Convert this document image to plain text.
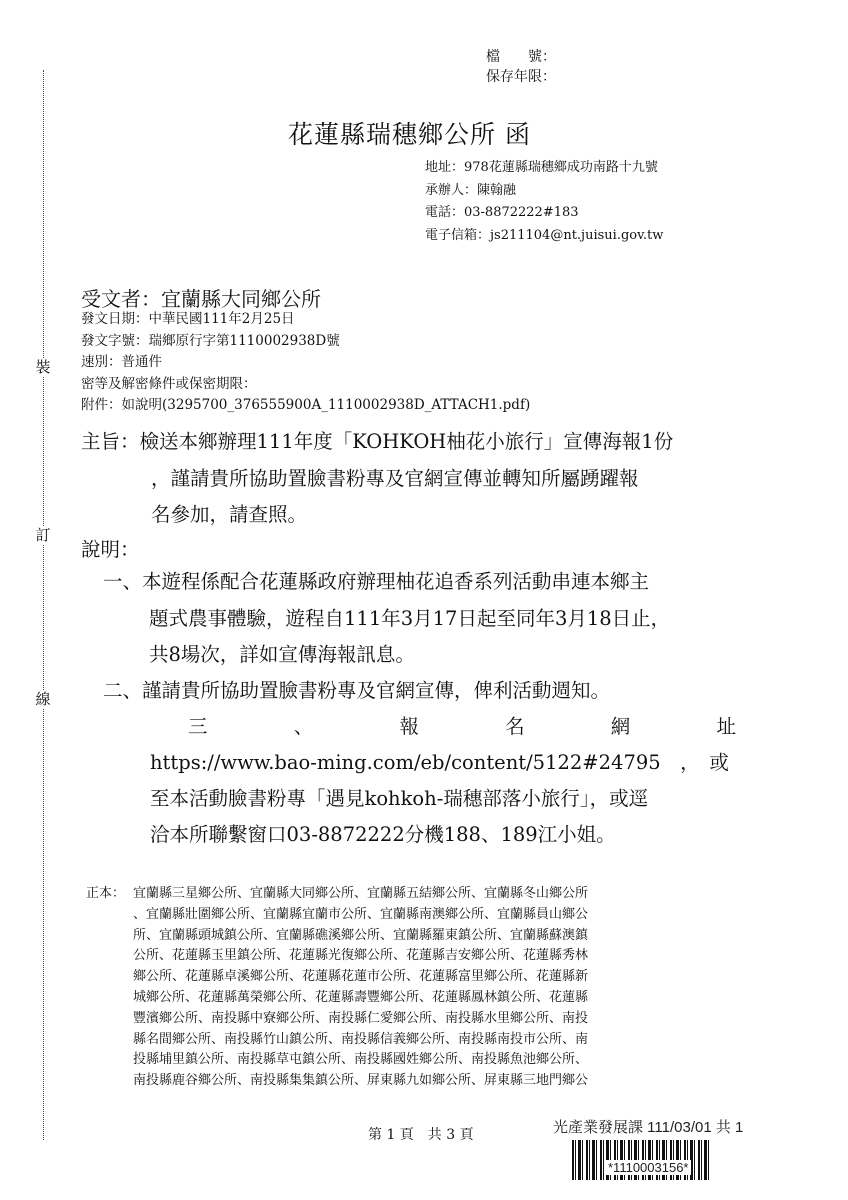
裝
訂
線
檔　　號：
保存年限：
花蓮縣瑞穗鄉公所 函
地址：978花蓮縣瑞穗鄉成功南路十九號
承辦人：陳翰融
電話：03-8872222#183
電子信箱：js211104@nt.juisui.gov.tw
受文者：宜蘭縣大同鄉公所
發文日期：中華民國111年2月25日
發文字號：瑞鄉原行字第1110002938D號
速別：普通件
密等及解密條件或保密期限：
附件：如說明(3295700_376555900A_1110002938D_ATTACH1.pdf)
主旨：檢送本鄉辦理111年度「KOHKOH柚花小旅行」宣傳海報1份
，謹請貴所協助置臉書粉專及官網宣傳並轉知所屬踴躍報
名參加，請查照。
說明：
一、本遊程係配合花蓮縣政府辦理柚花追香系列活動串連本鄉主
題式農事體驗，遊程自111年3月17日起至同年3月18日止，
共8場次，詳如宣傳海報訊息。
二、謹請貴所協助置臉書粉專及官網宣傳，俾利活動週知。
三	、	報	名	網	址
https://www.bao-ming.com/eb/content/5122#24795　，　或
至本活動臉書粉專「遇見kohkoh-瑞穗部落小旅行」，或逕
洽本所聯繫窗口03-8872222分機188、189江小姐。
正本： 宜蘭縣三星鄉公所、宜蘭縣大同鄉公所、宜蘭縣五結鄉公所、宜蘭縣冬山鄉公所
、宜蘭縣壯圍鄉公所、宜蘭縣宜蘭市公所、宜蘭縣南澳鄉公所、宜蘭縣員山鄉公
所、宜蘭縣頭城鎮公所、宜蘭縣礁溪鄉公所、宜蘭縣羅東鎮公所、宜蘭縣蘇澳鎮
公所、花蓮縣玉里鎮公所、花蓮縣光復鄉公所、花蓮縣吉安鄉公所、花蓮縣秀林
鄉公所、花蓮縣卓溪鄉公所、花蓮縣花蓮市公所、花蓮縣富里鄉公所、花蓮縣新
城鄉公所、花蓮縣萬榮鄉公所、花蓮縣壽豐鄉公所、花蓮縣鳳林鎮公所、花蓮縣
豐濱鄉公所、南投縣中寮鄉公所、南投縣仁愛鄉公所、南投縣水里鄉公所、南投
縣名間鄉公所、南投縣竹山鎮公所、南投縣信義鄉公所、南投縣南投市公所、南
投縣埔里鎮公所、南投縣草屯鎮公所、南投縣國姓鄉公所、南投縣魚池鄉公所、
南投縣鹿谷鄉公所、南投縣集集鎮公所、屏東縣九如鄉公所、屏東縣三地門鄉公
第 1 頁　共 3 頁	光產業發展課 111/03/01 共 1
*1110003156*
